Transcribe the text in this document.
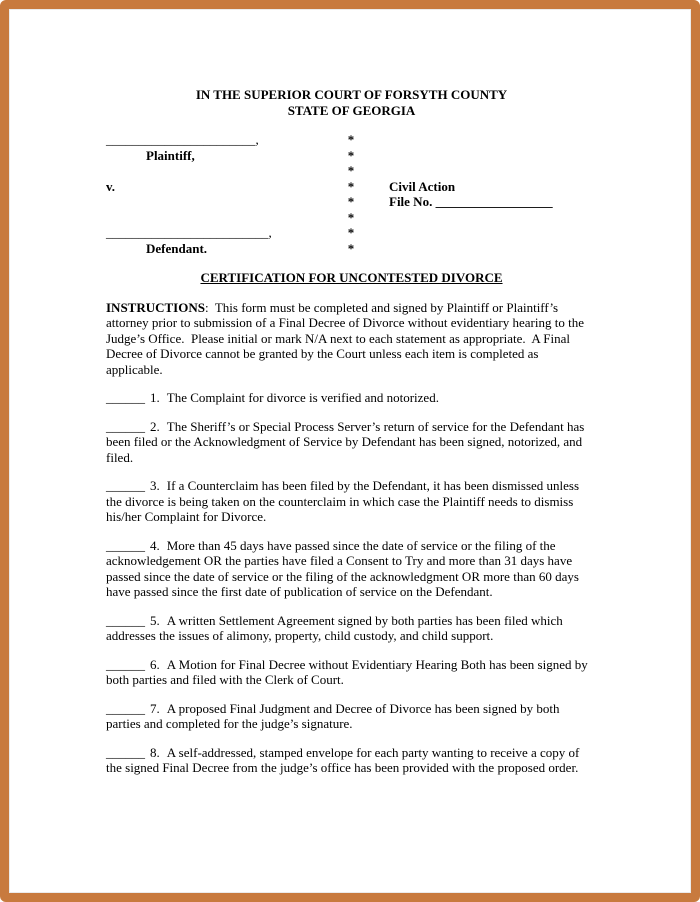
IN THE SUPERIOR COURT OF FORSYTH COUNTY
STATE OF GEORGIA
_______________________,
Plaintiff,
v.
_________________________,
Defendant.
*
*
*
*
*
*
*
*
Civil Action
File No. __________________
CERTIFICATION FOR UNCONTESTED DIVORCE

INSTRUCTIONS:  This form must be completed and signed by Plaintiff or Plaintiff’s attorney prior to submission of a Final Decree of Divorce without evidentiary hearing to the Judge’s Office.  Please initial or mark N/A next to each statement as appropriate.  A Final Decree of Divorce cannot be granted by the Court unless each item is completed as applicable.

______ 1. The Complaint for divorce is verified and notorized.

______ 2. The Sheriff’s or Special Process Server’s return of service for the Defendant has been filed or the Acknowledgment of Service by Defendant has been signed, notorized, and filed.

______ 3. If a Counterclaim has been filed by the Defendant, it has been dismissed unless the divorce is being taken on the counterclaim in which case the Plaintiff needs to dismiss his/her Complaint for Divorce.

______ 4. More than 45 days have passed since the date of service or the filing of the acknowledgement OR the parties have filed a Consent to Try and more than 31 days have passed since the date of service or the filing of the acknowledgment OR more than 60 days have passed since the first date of publication of service on the Defendant.

______ 5. A written Settlement Agreement signed by both parties has been filed which addresses the issues of alimony, property, child custody, and child support.

______ 6. A Motion for Final Decree without Evidentiary Hearing Both has been signed by both parties and filed with the Clerk of Court.

______ 7. A proposed Final Judgment and Decree of Divorce has been signed by both parties and completed for the judge’s signature.

______ 8. A self-addressed, stamped envelope for each party wanting to receive a copy of the signed Final Decree from the judge’s office has been provided with the proposed order.
